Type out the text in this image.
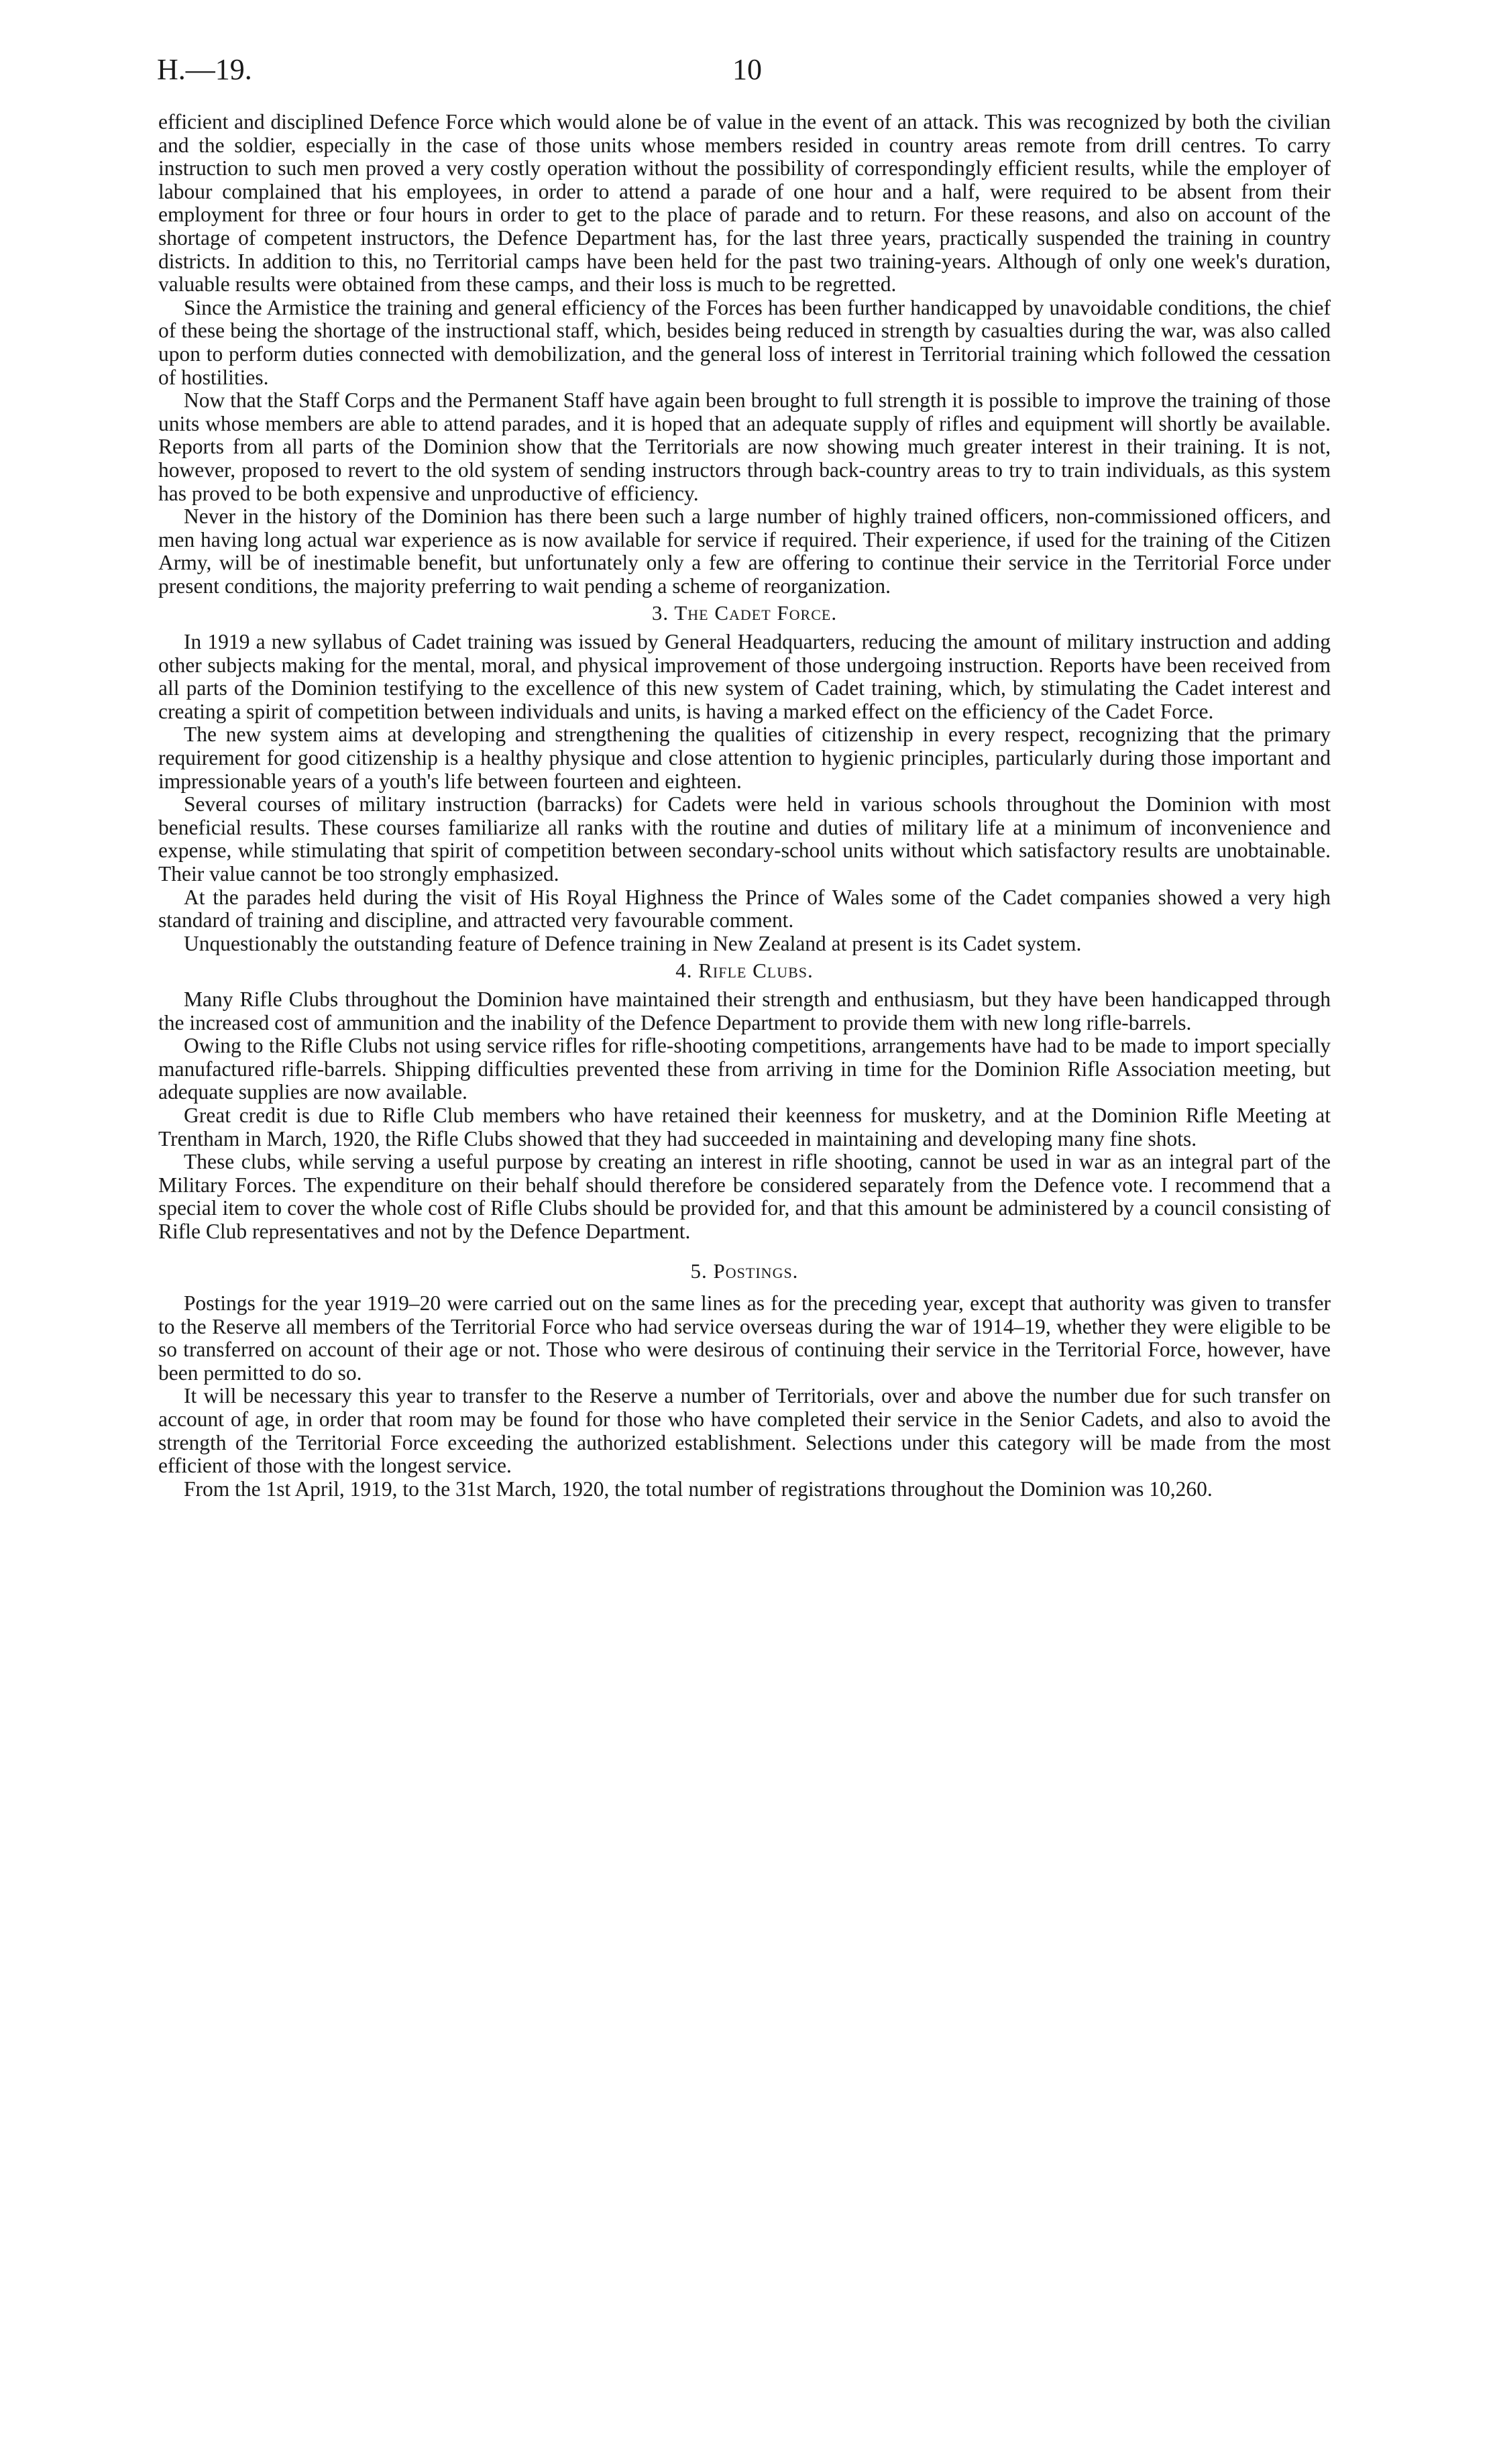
H.—19.	10

efficient and disciplined Defence Force which would alone be of value in the event of an attack. This was recognized by both the civilian and the soldier, especially in the case of those units whose members resided in country areas remote from drill centres. To carry instruction to such men proved a very costly operation without the possibility of correspondingly efficient results, while the employer of labour complained that his employees, in order to attend a parade of one hour and a half, were required to be absent from their employment for three or four hours in order to get to the place of parade and to return. For these reasons, and also on account of the shortage of competent instructors, the Defence Department has, for the last three years, practically suspended the training in country districts. In addition to this, no Territorial camps have been held for the past two training-years. Although of only one week's duration, valuable results were obtained from these camps, and their loss is much to be regretted.

Since the Armistice the training and general efficiency of the Forces has been further handicapped by unavoidable conditions, the chief of these being the shortage of the instructional staff, which, besides being reduced in strength by casualties during the war, was also called upon to perform duties connected with demobilization, and the general loss of interest in Territorial training which followed the cessation of hostilities.

Now that the Staff Corps and the Permanent Staff have again been brought to full strength it is possible to improve the training of those units whose members are able to attend parades, and it is hoped that an adequate supply of rifles and equipment will shortly be available. Reports from all parts of the Dominion show that the Territorials are now showing much greater interest in their training. It is not, however, proposed to revert to the old system of sending instructors through back-country areas to try to train individuals, as this system has proved to be both expensive and unproductive of efficiency.

Never in the history of the Dominion has there been such a large number of highly trained officers, non-commissioned officers, and men having long actual war experience as is now available for service if required. Their experience, if used for the training of the Citizen Army, will be of inestimable benefit, but unfortunately only a few are offering to continue their service in the Territorial Force under present conditions, the majority preferring to wait pending a scheme of reorganization.

3. The Cadet Force.

In 1919 a new syllabus of Cadet training was issued by General Headquarters, reducing the amount of military instruction and adding other subjects making for the mental, moral, and physical improvement of those undergoing instruction. Reports have been received from all parts of the Dominion testifying to the excellence of this new system of Cadet training, which, by stimulating the Cadet interest and creating a spirit of competition between individuals and units, is having a marked effect on the efficiency of the Cadet Force.

The new system aims at developing and strengthening the qualities of citizenship in every respect, recognizing that the primary requirement for good citizenship is a healthy physique and close attention to hygienic principles, particularly during those important and impressionable years of a youth's life between fourteen and eighteen.

Several courses of military instruction (barracks) for Cadets were held in various schools throughout the Dominion with most beneficial results. These courses familiarize all ranks with the routine and duties of military life at a minimum of inconvenience and expense, while stimulating that spirit of competition between secondary-school units without which satisfactory results are unobtainable. Their value cannot be too strongly emphasized.

At the parades held during the visit of His Royal Highness the Prince of Wales some of the Cadet companies showed a very high standard of training and discipline, and attracted very favourable comment.

Unquestionably the outstanding feature of Defence training in New Zealand at present is its Cadet system.

4. Rifle Clubs.

Many Rifle Clubs throughout the Dominion have maintained their strength and enthusiasm, but they have been handicapped through the increased cost of ammunition and the inability of the Defence Department to provide them with new long rifle-barrels.

Owing to the Rifle Clubs not using service rifles for rifle-shooting competitions, arrangements have had to be made to import specially manufactured rifle-barrels. Shipping difficulties prevented these from arriving in time for the Dominion Rifle Association meeting, but adequate supplies are now available.

Great credit is due to Rifle Club members who have retained their keenness for musketry, and at the Dominion Rifle Meeting at Trentham in March, 1920, the Rifle Clubs showed that they had succeeded in maintaining and developing many fine shots.

These clubs, while serving a useful purpose by creating an interest in rifle shooting, cannot be used in war as an integral part of the Military Forces. The expenditure on their behalf should therefore be considered separately from the Defence vote. I recommend that a special item to cover the whole cost of Rifle Clubs should be provided for, and that this amount be administered by a council consisting of Rifle Club representatives and not by the Defence Department.

5. Postings.

Postings for the year 1919–20 were carried out on the same lines as for the preceding year, except that authority was given to transfer to the Reserve all members of the Territorial Force who had service overseas during the war of 1914–19, whether they were eligible to be so transferred on account of their age or not. Those who were desirous of continuing their service in the Territorial Force, however, have been permitted to do so.

It will be necessary this year to transfer to the Reserve a number of Territorials, over and above the number due for such transfer on account of age, in order that room may be found for those who have completed their service in the Senior Cadets, and also to avoid the strength of the Territorial Force exceeding the authorized establishment. Selections under this category will be made from the most efficient of those with the longest service.

From the 1st April, 1919, to the 31st March, 1920, the total number of registrations throughout the Dominion was 10,260.
